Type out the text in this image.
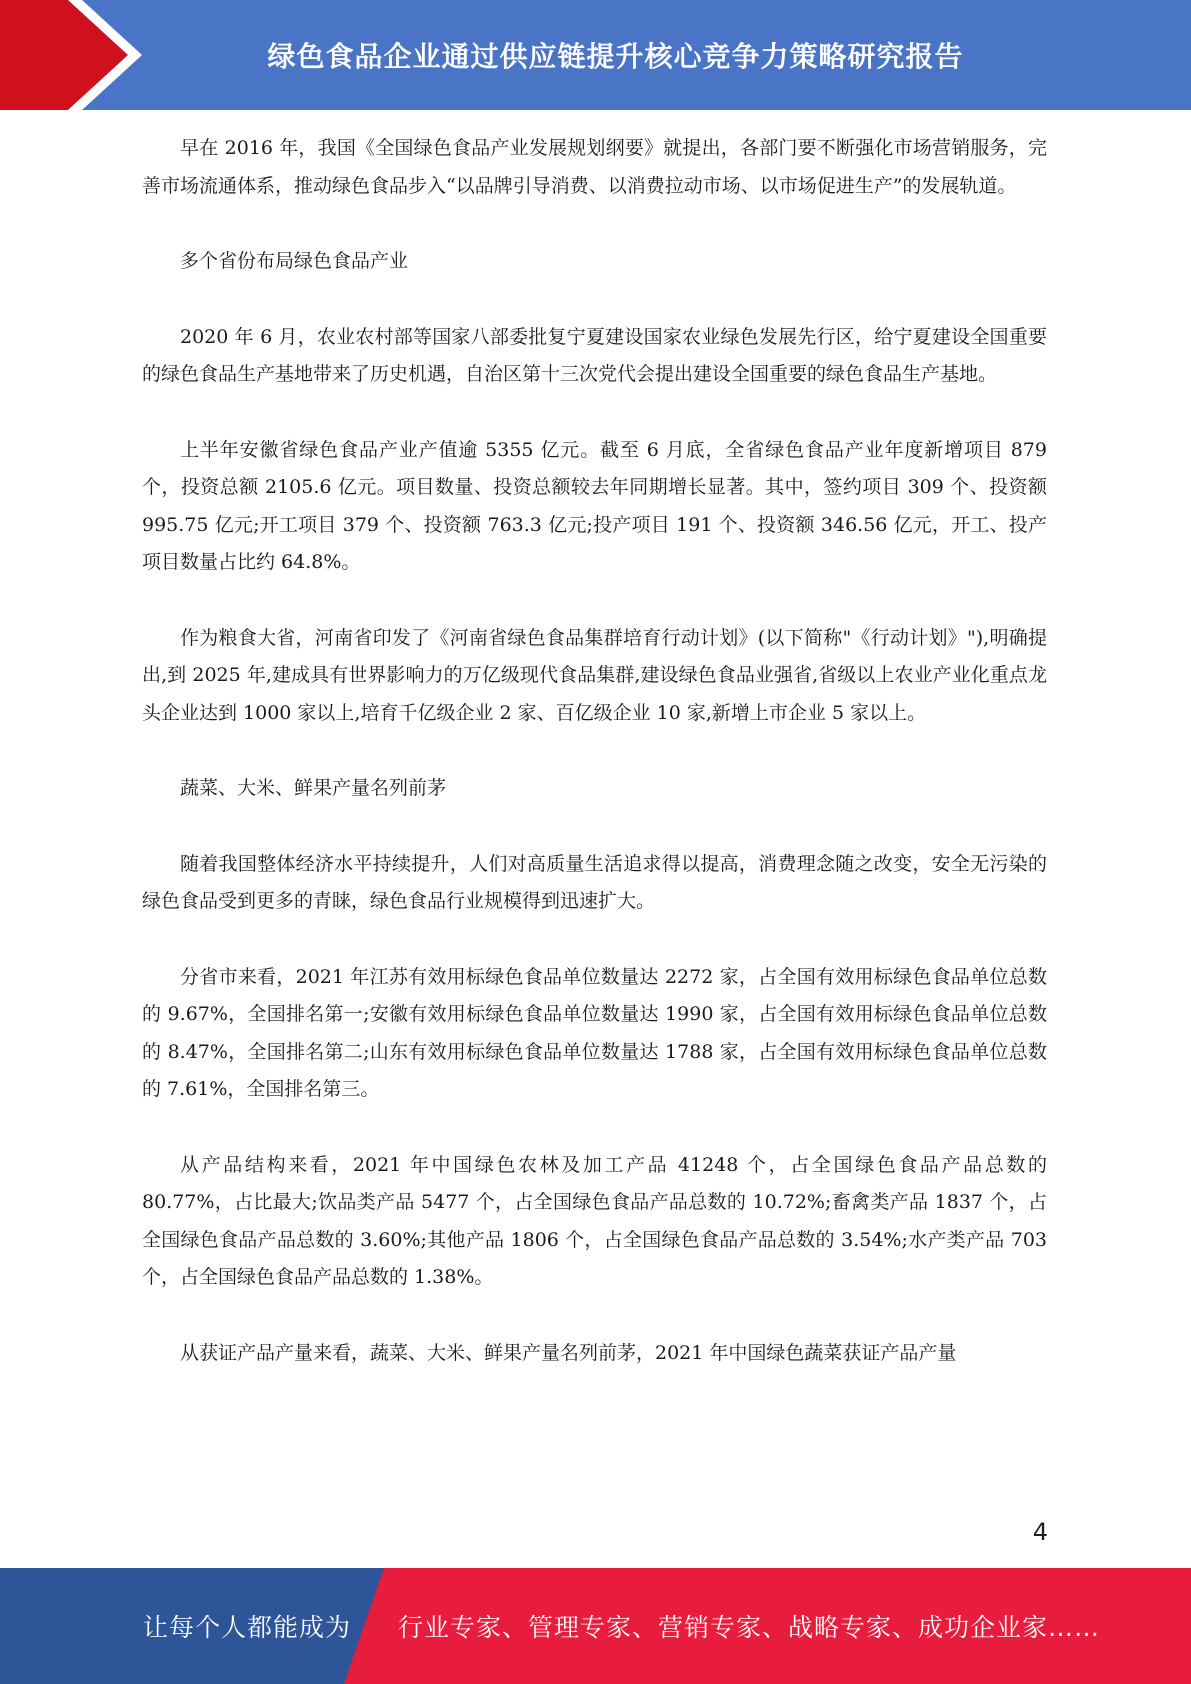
绿色食品企业通过供应链提升核心竞争力策略研究报告

早在 2016 年，我国《全国绿色食品产业发展规划纲要》就提出，各部门要不断强化市场营销服务，完善市场流通体系，推动绿色食品步入“以品牌引导消费、以消费拉动市场、以市场促进生产”的发展轨道。

多个省份布局绿色食品产业

2020 年 6 月，农业农村部等国家八部委批复宁夏建设国家农业绿色发展先行区，给宁夏建设全国重要的绿色食品生产基地带来了历史机遇，自治区第十三次党代会提出建设全国重要的绿色食品生产基地。

上半年安徽省绿色食品产业产值逾 5355 亿元。截至 6 月底，全省绿色食品产业年度新增项目 879 个，投资总额 2105.6 亿元。项目数量、投资总额较去年同期增长显著。其中，签约项目 309 个、投资额 995.75 亿元;开工项目 379 个、投资额 763.3 亿元;投产项目 191 个、投资额 346.56 亿元，开工、投产项目数量占比约 64.8%。

作为粮食大省，河南省印发了《河南省绿色食品集群培育行动计划》(以下简称"《行动计划》"),明确提出,到 2025 年,建成具有世界影响力的万亿级现代食品集群,建设绿色食品业强省,省级以上农业产业化重点龙头企业达到 1000 家以上,培育千亿级企业 2 家、百亿级企业 10 家,新增上市企业 5 家以上。

蔬菜、大米、鲜果产量名列前茅

随着我国整体经济水平持续提升，人们对高质量生活追求得以提高，消费理念随之改变，安全无污染的绿色食品受到更多的青睐，绿色食品行业规模得到迅速扩大。

分省市来看，2021 年江苏有效用标绿色食品单位数量达 2272 家，占全国有效用标绿色食品单位总数的 9.67%，全国排名第一;安徽有效用标绿色食品单位数量达 1990 家，占全国有效用标绿色食品单位总数的 8.47%，全国排名第二;山东有效用标绿色食品单位数量达 1788 家，占全国有效用标绿色食品单位总数的 7.61%，全国排名第三。

从产品结构来看，2021 年中国绿色农林及加工产品 41248 个，占全国绿色食品产品总数的 80.77%，占比最大;饮品类产品 5477 个，占全国绿色食品产品总数的 10.72%;畜禽类产品 1837 个，占全国绿色食品产品总数的 3.60%;其他产品 1806 个，占全国绿色食品产品总数的 3.54%;水产类产品 703 个，占全国绿色食品产品总数的 1.38%。

从获证产品产量来看，蔬菜、大米、鲜果产量名列前茅，2021 年中国绿色蔬菜获证产品产量

4
让每个人都能成为 行业专家、管理专家、营销专家、战略专家、成功企业家……
